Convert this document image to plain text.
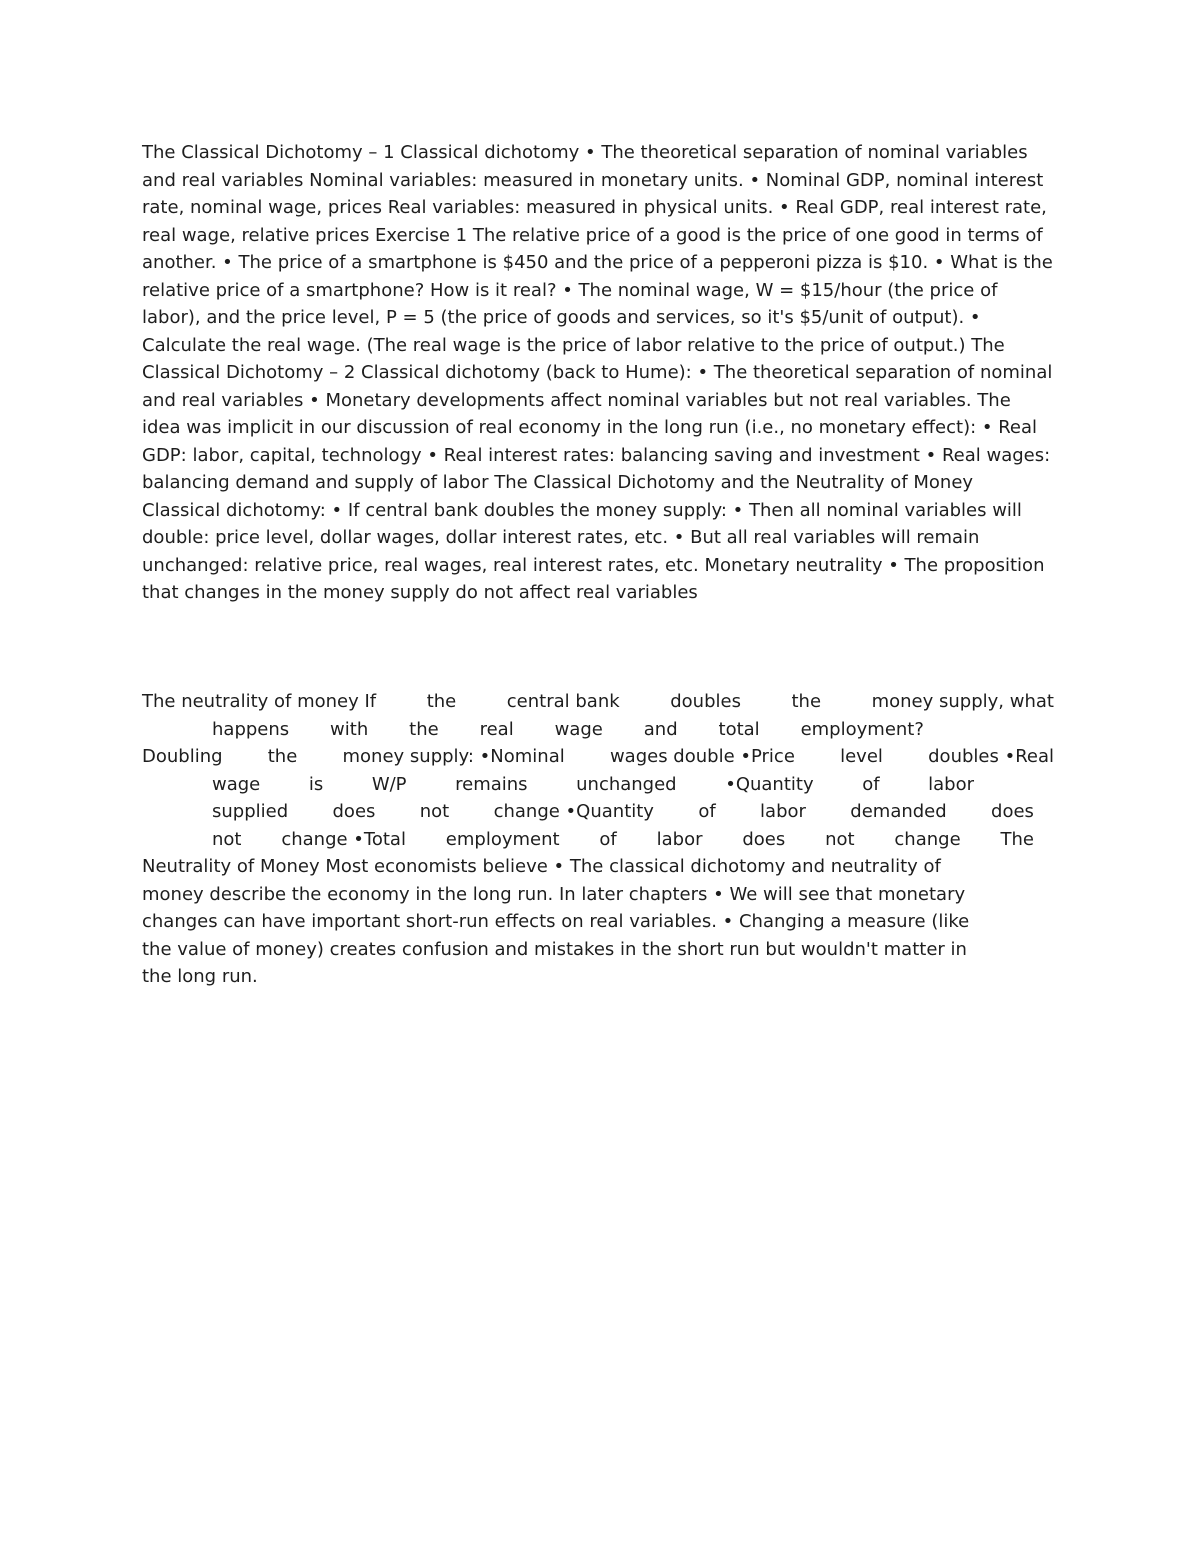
The Classical Dichotomy – 1 Classical dichotomy • The theoretical separation of nominal variables and real variables Nominal variables: measured in monetary units. • Nominal GDP, nominal interest rate, nominal wage, prices Real variables: measured in physical units. • Real GDP, real interest rate, real wage, relative prices Exercise 1 The relative price of a good is the price of one good in terms of another. • The price of a smartphone is $450 and the price of a pepperoni pizza is $10. • What is the relative price of a smartphone? How is it real? • The nominal wage, W = $15/hour (the price of labor), and the price level, P = 5 (the price of goods and services, so it's $5/unit of output). • Calculate the real wage. (The real wage is the price of labor relative to the price of output.) The Classical Dichotomy – 2 Classical dichotomy (back to Hume): • The theoretical separation of nominal and real variables • Monetary developments affect nominal variables but not real variables. The idea was implicit in our discussion of real economy in the long run (i.e., no monetary effect): • Real GDP: labor, capital, technology • Real interest rates: balancing saving and investment • Real wages: balancing demand and supply of labor The Classical Dichotomy and the Neutrality of Money Classical dichotomy: • If central bank doubles the money supply: • Then all nominal variables will double: price level, dollar wages, dollar interest rates, etc. • But all real variables will remain unchanged: relative price, real wages, real interest rates, etc. Monetary neutrality • The proposition that changes in the money supply do not affect real variables

The neutrality of money If	the	central bank	doubles	the	money supply, what
happens with the real wage and total employment?
Doubling	the	money supply: •Nominal	wages double •Price	level	doubles •Real
wage	is	W/P	remains	unchanged	•Quantity	of	labor
supplied does not change •Quantity of labor demanded does
not change •Total employment of labor does not change The
Neutrality of Money Most economists believe • The classical dichotomy and neutrality of
money describe the economy in the long run. In later chapters • We will see that monetary
changes can have important short-run effects on real variables. • Changing a measure (like
the value of money) creates confusion and mistakes in the short run but wouldn't matter in
the long run.
